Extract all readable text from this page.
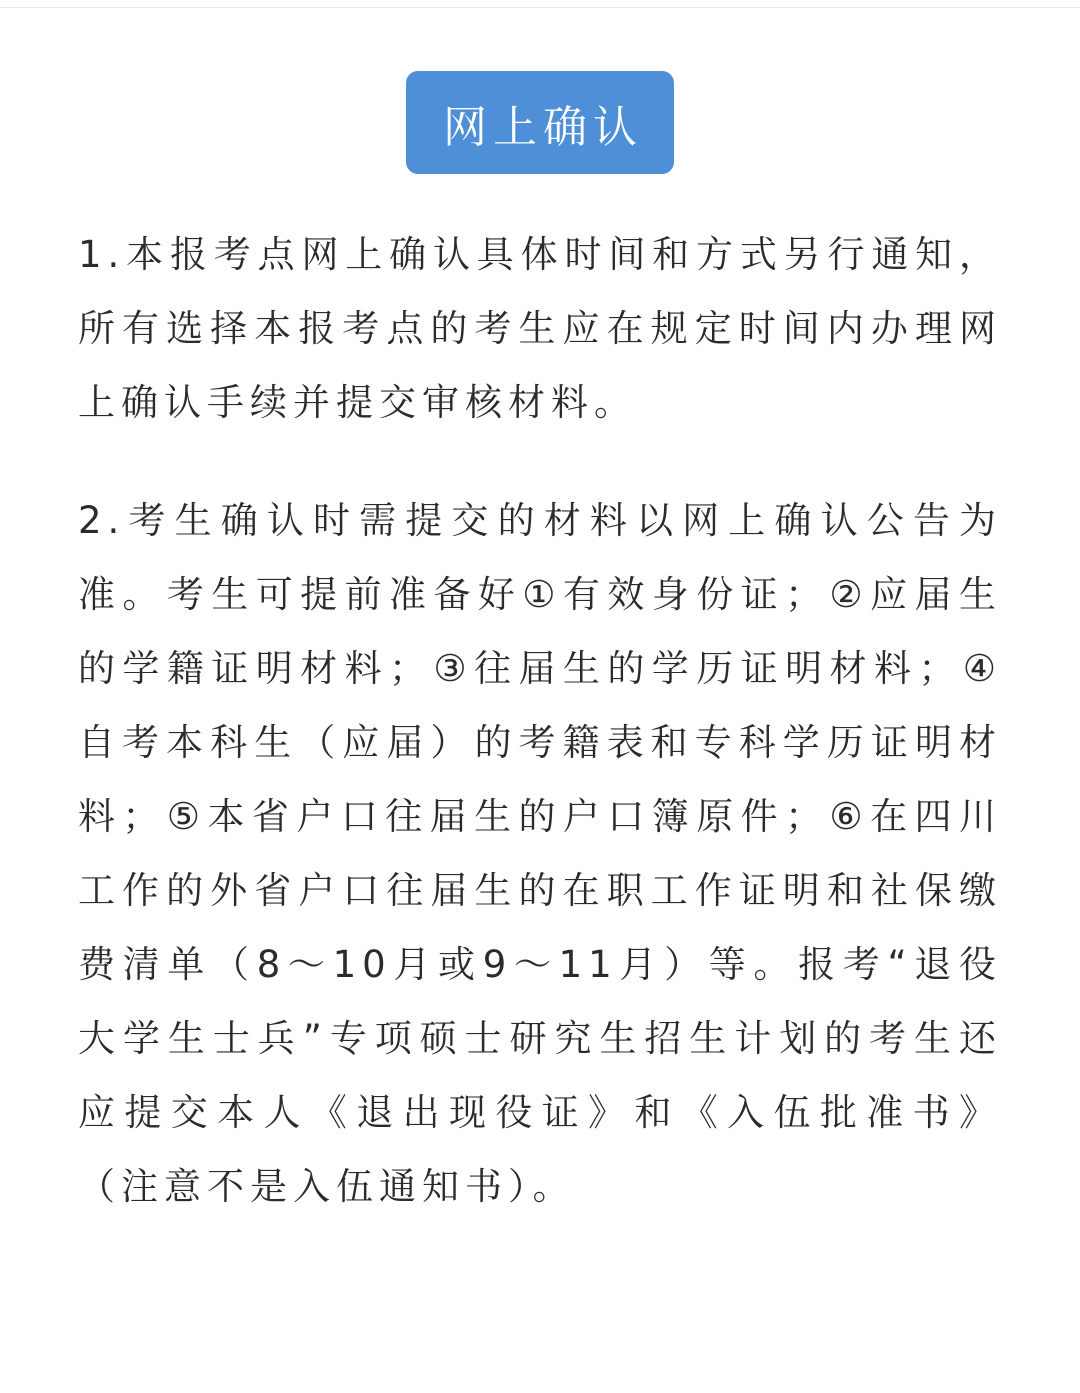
网上确认

1.本报考点网上确认具体时间和方式另行通知，所有选择本报考点的考生应在规定时间内办理网上确认手续并提交审核材料。

2.考生确认时需提交的材料以网上确认公告为准。考生可提前准备好①有效身份证；②应届生的学籍证明材料；③往届生的学历证明材料；④自考本科生（应届）的考籍表和专科学历证明材料；⑤本省户口往届生的户口簿原件；⑥在四川工作的外省户口往届生的在职工作证明和社保缴费清单（8～10月或9～11月）等。报考“退役大学生士兵”专项硕士研究生招生计划的考生还应提交本人《退出现役证》和《入伍批准书》（注意不是入伍通知书）。
